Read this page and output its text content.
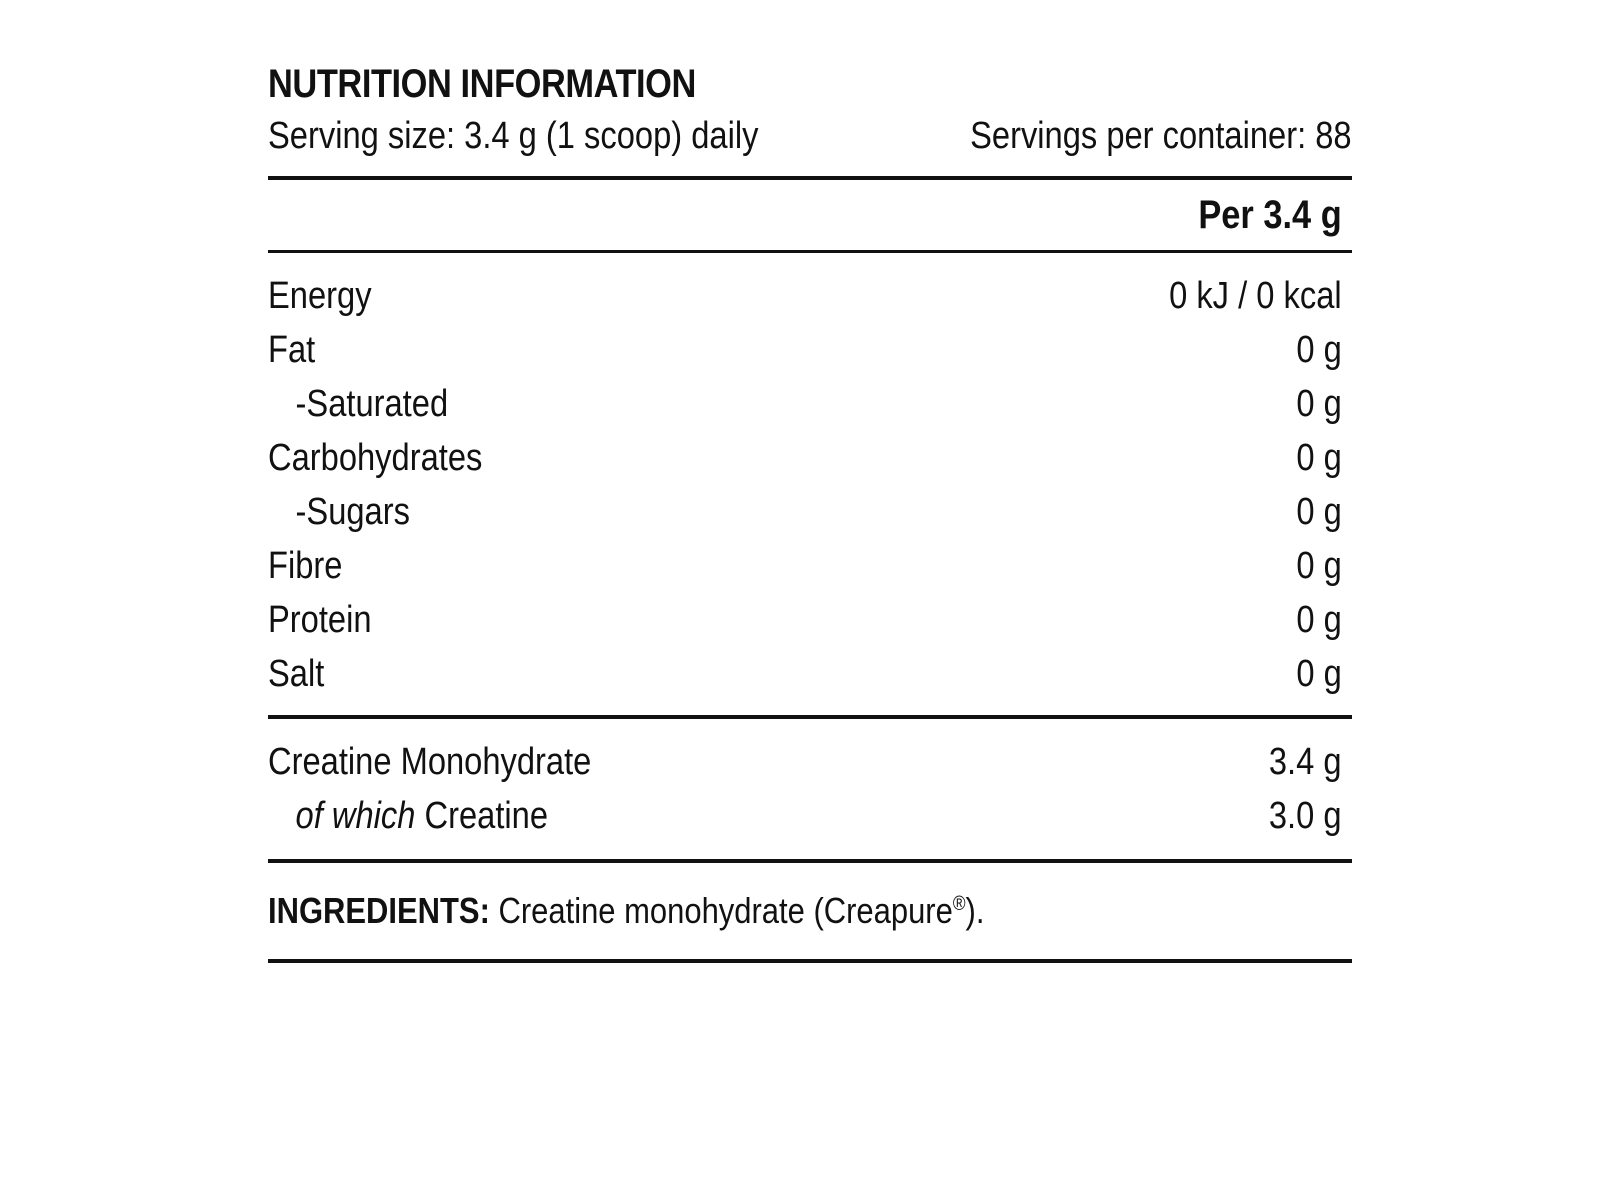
NUTRITION INFORMATION
Serving size: 3.4 g (1 scoop) daily	Servings per container: 88
Per 3.4 g
Energy	0 kJ / 0 kcal
Fat	0 g
-Saturated	0 g
Carbohydrates	0 g
-Sugars	0 g
Fibre	0 g
Protein	0 g
Salt	0 g
Creatine Monohydrate	3.4 g
of which Creatine	3.0 g
INGREDIENTS: Creatine monohydrate (Creapure®).
